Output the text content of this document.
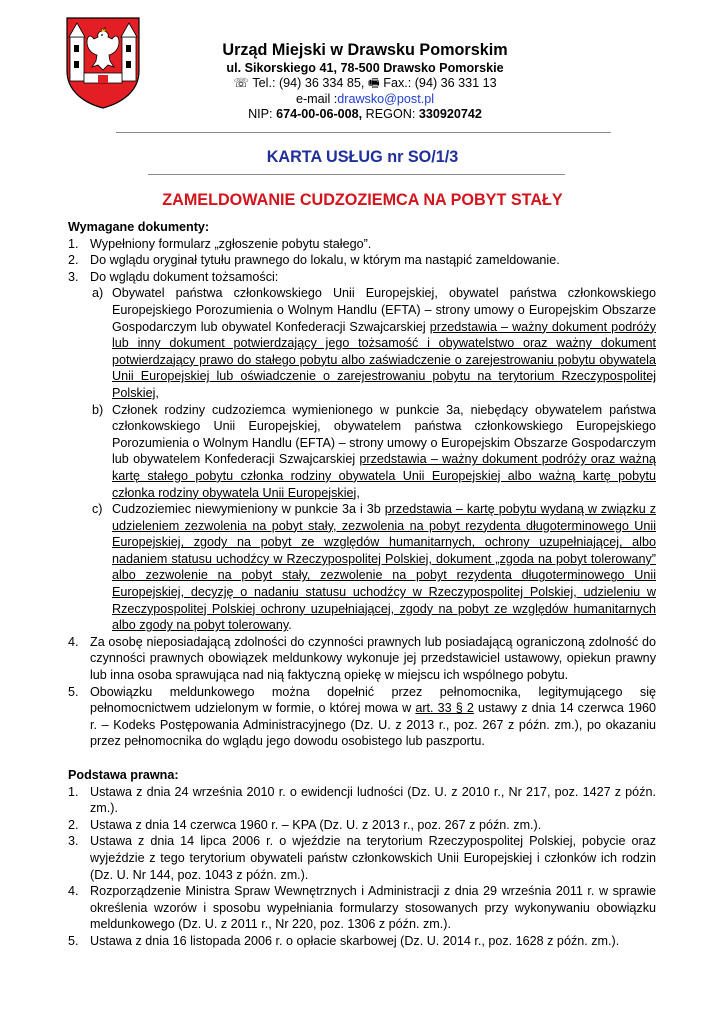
Urząd Miejski w Drawsku Pomorskim
ul. Sikorskiego 41, 78-500 Drawsko Pomorskie
☏ Tel.: (94) 36 334 85, 🖷 Fax.: (94) 36 331 13
e-mail :drawsko@post.pl
NIP: 674-00-06-008, REGON: 330920742
KARTA USŁUG nr SO/1/3
ZAMELDOWANIE CUDZOZIEMCA NA POBYT STAŁY
Wymagane dokumenty:
1. Wypełniony formularz „zgłoszenie pobytu stałego”.
2. Do wglądu oryginał tytułu prawnego do lokalu, w którym ma nastąpić zameldowanie.
3. Do wglądu dokument tożsamości:
a) Obywatel państwa członkowskiego Unii Europejskiej, obywatel państwa członkowskiego Europejskiego Porozumienia o Wolnym Handlu (EFTA) – strony umowy o Europejskim Obszarze Gospodarczym lub obywatel Konfederacji Szwajcarskiej przedstawia – ważny dokument podróży lub inny dokument potwierdzający jego tożsamość i obywatelstwo oraz ważny dokument potwierdzający prawo do stałego pobytu albo zaświadczenie o zarejestrowaniu pobytu obywatela Unii Europejskiej lub oświadczenie o zarejestrowaniu pobytu na terytorium Rzeczypospolitej Polskiej,
b) Członek rodziny cudzoziemca wymienionego w punkcie 3a, niebędący obywatelem państwa członkowskiego Unii Europejskiej, obywatelem państwa członkowskiego Europejskiego Porozumienia o Wolnym Handlu (EFTA) – strony umowy o Europejskim Obszarze Gospodarczym lub obywatelem Konfederacji Szwajcarskiej przedstawia – ważny dokument podróży oraz ważną kartę stałego pobytu członka rodziny obywatela Unii Europejskiej albo ważną kartę pobytu członka rodziny obywatela Unii Europejskiej,
c) Cudzoziemiec niewymieniony w punkcie 3a i 3b przedstawia – kartę pobytu wydaną w związku z udzieleniem zezwolenia na pobyt stały, zezwolenia na pobyt rezydenta długoterminowego Unii Europejskiej, zgody na pobyt ze względów humanitarnych, ochrony uzupełniającej, albo nadaniem statusu uchodźcy w Rzeczypospolitej Polskiej, dokument „zgoda na pobyt tolerowany” albo zezwolenie na pobyt stały, zezwolenie na pobyt rezydenta długoterminowego Unii Europejskiej, decyzję o nadaniu statusu uchodźcy w Rzeczypospolitej Polskiej, udzieleniu w Rzeczypospolitej Polskiej ochrony uzupełniającej, zgody na pobyt ze względów humanitarnych albo zgody na pobyt tolerowany.
4. Za osobę nieposiadającą zdolności do czynności prawnych lub posiadającą ograniczoną zdolność do czynności prawnych obowiązek meldunkowy wykonuje jej przedstawiciel ustawowy, opiekun prawny lub inna osoba sprawująca nad nią faktyczną opiekę w miejscu ich wspólnego pobytu.
5. Obowiązku meldunkowego można dopełnić przez pełnomocnika, legitymującego się pełnomocnictwem udzielonym w formie, o której mowa w art. 33 § 2 ustawy z dnia 14 czerwca 1960 r. – Kodeks Postępowania Administracyjnego (Dz. U. z 2013 r., poz. 267 z późn. zm.), po okazaniu przez pełnomocnika do wglądu jego dowodu osobistego lub paszportu.
Podstawa prawna:
1. Ustawa z dnia 24 września 2010 r. o ewidencji ludności (Dz. U. z 2010 r., Nr 217, poz. 1427 z późn. zm.).
2. Ustawa z dnia 14 czerwca 1960 r. – KPA (Dz. U. z 2013 r., poz. 267 z późn. zm.).
3. Ustawa z dnia 14 lipca 2006 r. o wjeździe na terytorium Rzeczypospolitej Polskiej, pobycie oraz wyjeździe z tego terytorium obywateli państw członkowskich Unii Europejskiej i członków ich rodzin (Dz. U. Nr 144, poz. 1043 z późn. zm.).
4. Rozporządzenie Ministra Spraw Wewnętrznych i Administracji z dnia 29 września 2011 r. w sprawie określenia wzorów i sposobu wypełniania formularzy stosowanych przy wykonywaniu obowiązku meldunkowego (Dz. U. z 2011 r., Nr 220, poz. 1306 z późn. zm.).
5. Ustawa z dnia 16 listopada 2006 r. o opłacie skarbowej (Dz. U. 2014 r., poz. 1628 z późn. zm.).
